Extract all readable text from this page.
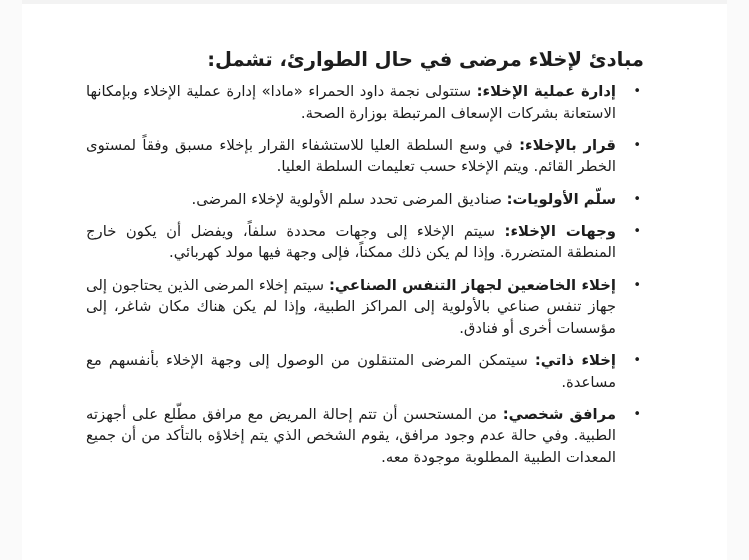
مبادئ لإخلاء مرضى في حال الطوارئ، تشمل:
•
إدارة عملية الإخلاء: ستتولى نجمة داود الحمراء «مادا» إدارة عملية الإخلاء وبإمكانها الاستعانة بشركات الإسعاف المرتبطة بوزارة الصحة.
•
قرار بالإخلاء: في وسع السلطة العليا للاستشفاء القرار بإخلاء مسبق وفقاً لمستوى الخطر القائم. ويتم الإخلاء حسب تعليمات السلطة العليا.
•
سلّم الأولويات: صناديق المرضى تحدد سلم الأولوية لإخلاء المرضى.
•
وجهات الإخلاء: سيتم الإخلاء إلى وجهات محددة سلفاً، ويفضل أن يكون خارج المنطقة المتضررة. وإذا لم يكن ذلك ممكناً، فإلى وجهة فيها مولد كهربائي.
•
إخلاء الخاضعين لجهاز التنفس الصناعي: سيتم إخلاء المرضى الذين يحتاجون إلى جهاز تنفس صناعي بالأولوية إلى المراكز الطبية، وإذا لم يكن هناك مكان شاغر، إلى مؤسسات أخرى أو فنادق.
•
إخلاء ذاتي: سيتمكن المرضى المتنقلون من الوصول إلى وجهة الإخلاء بأنفسهم مع مساعدة.
•
مرافق شخصي: من المستحسن أن تتم إحالة المريض مع مرافق مطّلع على أجهزته الطبية. وفي حالة عدم وجود مرافق، يقوم الشخص الذي يتم إخلاؤه بالتأكد من أن جميع المعدات الطبية المطلوبة موجودة معه.
